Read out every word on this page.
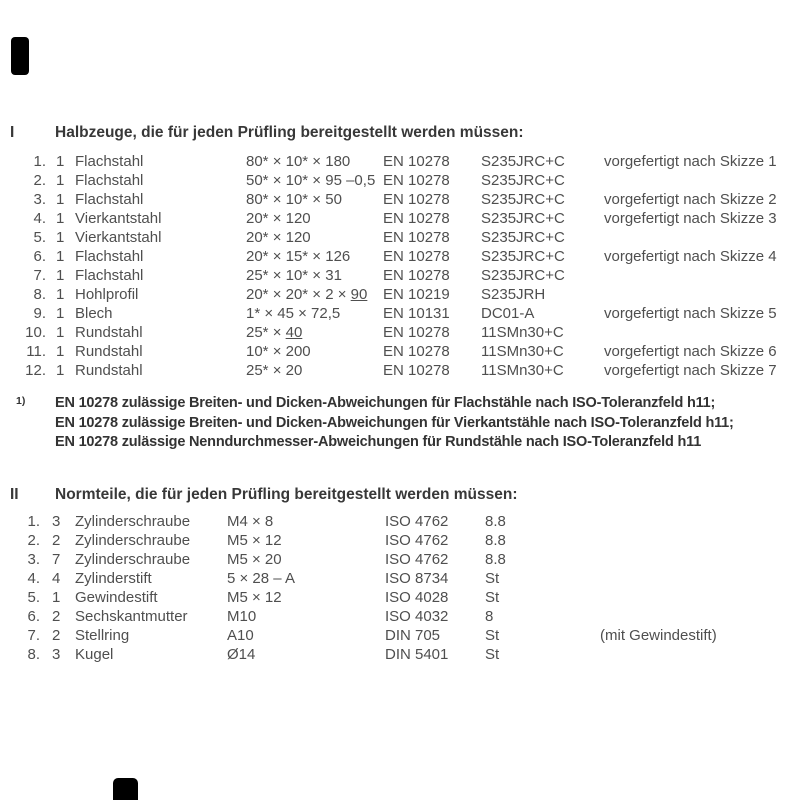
I	Halbzeuge, die für jeden Prüfling bereitgestellt werden müssen:
1. 1 Flachstahl	80* × 10* × 180	EN 10278	S235JRC+C	vorgefertigt nach Skizze 1
2. 1 Flachstahl	50* × 10* × 95 –0,5 EN 10278	S235JRC+C
3. 1 Flachstahl	80* × 10* × 50	EN 10278	S235JRC+C	vorgefertigt nach Skizze 2
4. 1 Vierkantstahl	20* × 120	EN 10278	S235JRC+C	vorgefertigt nach Skizze 3
5. 1 Vierkantstahl	20* × 120	EN 10278	S235JRC+C
6. 1 Flachstahl	20* × 15* × 126	EN 10278	S235JRC+C	vorgefertigt nach Skizze 4
7. 1 Flachstahl	25* × 10* × 31	EN 10278	S235JRC+C
8. 1 Hohlprofil	20* × 20* × 2 × 90	EN 10219	S235JRH
9. 1 Blech	1* × 45 × 72,5	EN 10131	DC01-A	vorgefertigt nach Skizze 5
10. 1 Rundstahl	25* × 40	EN 10278	11SMn30+C
11. 1 Rundstahl	10* × 200	EN 10278	11SMn30+C	vorgefertigt nach Skizze 6
12. 1 Rundstahl	25* × 20	EN 10278	11SMn30+C	vorgefertigt nach Skizze 7
1) EN 10278 zulässige Breiten- und Dicken-Abweichungen für Flachstähle nach ISO-Toleranzfeld h11;
EN 10278 zulässige Breiten- und Dicken-Abweichungen für Vierkantstähle nach ISO-Toleranzfeld h11;
EN 10278 zulässige Nenndurchmesser-Abweichungen für Rundstähle nach ISO-Toleranzfeld h11
II Normteile, die für jeden Prüfling bereitgestellt werden müssen:
1. 3 Zylinderschraube	M4 × 8	ISO 4762	8.8
2. 2 Zylinderschraube	M5 × 12	ISO 4762	8.8
3. 7 Zylinderschraube	M5 × 20	ISO 4762	8.8
4. 4 Zylinderstift	5 × 28 – A	ISO 8734	St
5. 1 Gewindestift	M5 × 12	ISO 4028	St
6. 2 Sechskantmutter	M10	ISO 4032	8
7. 2 Stellring	A10	DIN 705	St	(mit Gewindestift)
8. 3 Kugel	Ø14	DIN 5401	St
